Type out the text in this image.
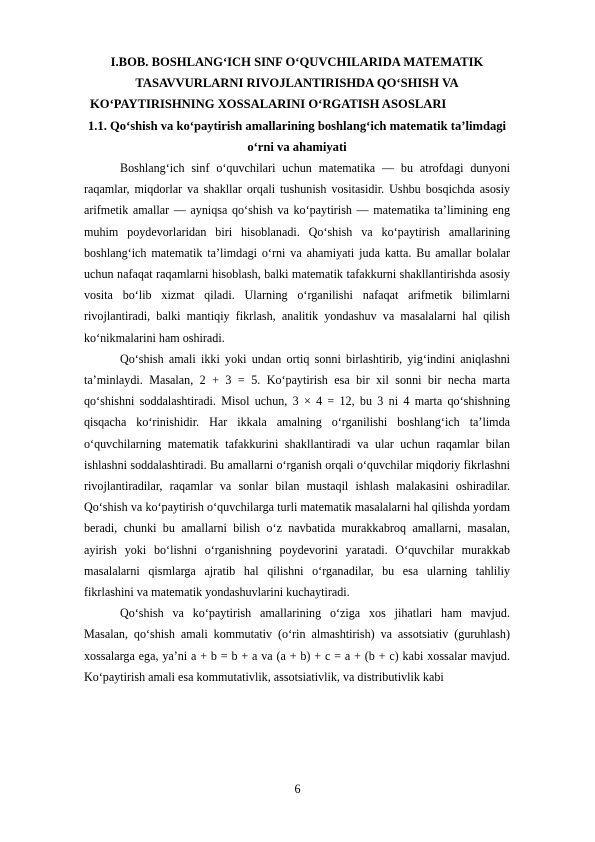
I.BOB. BOSHLANG‘ICH SINF O‘QUVCHILARIDA MATEMATIK
TASAVVURLARNI RIVOJLANTIRISHDA QO‘SHISH VA
KO‘PAYTIRISHNING XOSSALARINI O‘RGATISH ASOSLARI
1.1. Qo‘shish va ko‘paytirish amallarining boshlang‘ich matematik ta’limdagi o‘rni va ahamiyati

Boshlang‘ich sinf o‘quvchilari uchun matematika — bu atrofdagi dunyoni raqamlar, miqdorlar va shakllar orqali tushunish vositasidir. Ushbu bosqichda asosiy arifmetik amallar — ayniqsa qo‘shish va ko‘paytirish — matematika ta’limining eng muhim poydevorlaridan biri hisoblanadi. Qo‘shish va ko‘paytirish amallarining boshlang‘ich matematik ta’limdagi o‘rni va ahamiyati juda katta. Bu amallar bolalar uchun nafaqat raqamlarni hisoblash, balki matematik tafakkurni shakllantirishda asosiy vosita bo‘lib xizmat qiladi. Ularning o‘rganilishi nafaqat arifmetik bilimlarni rivojlantiradi, balki mantiqiy fikrlash, analitik yondashuv va masalalarni hal qilish ko‘nikmalarini ham oshiradi.

Qo‘shish amali ikki yoki undan ortiq sonni birlashtirib, yig‘indini aniqlashni ta’minlaydi. Masalan, 2 + 3 = 5. Ko‘paytirish esa bir xil sonni bir necha marta qo‘shishni soddalashtiradi. Misol uchun, 3 × 4 = 12, bu 3 ni 4 marta qo‘shishning qisqacha ko‘rinishidir. Har ikkala amalning o‘rganilishi boshlang‘ich ta’limda o‘quvchilarning matematik tafakkurini shakllantiradi va ular uchun raqamlar bilan ishlashni soddalashtiradi. Bu amallarni o‘rganish orqali o‘quvchilar miqdoriy fikrlashni rivojlantiradilar, raqamlar va sonlar bilan mustaqil ishlash malakasini oshiradilar. Qo‘shish va ko‘paytirish o‘quvchilarga turli matematik masalalarni hal qilishda yordam beradi, chunki bu amallarni bilish o‘z navbatida murakkabroq amallarni, masalan, ayirish yoki bo‘lishni o‘rganishning poydevorini yaratadi. O‘quvchilar murakkab masalalarni qismlarga ajratib hal qilishni o‘rganadilar, bu esa ularning tahliliy fikrlashini va matematik yondashuvlarini kuchaytiradi.

Qo‘shish va ko‘paytirish amallarining o‘ziga xos jihatlari ham mavjud. Masalan, qo‘shish amali kommutativ (o‘rin almashtirish) va assotsiativ (guruhlash) xossalarga ega, ya’ni a + b = b + a va (a + b) + c = a + (b + c) kabi xossalar mavjud. Ko‘paytirish amali esa kommutativlik, assotsiativlik, va distributivlik kabi

6
